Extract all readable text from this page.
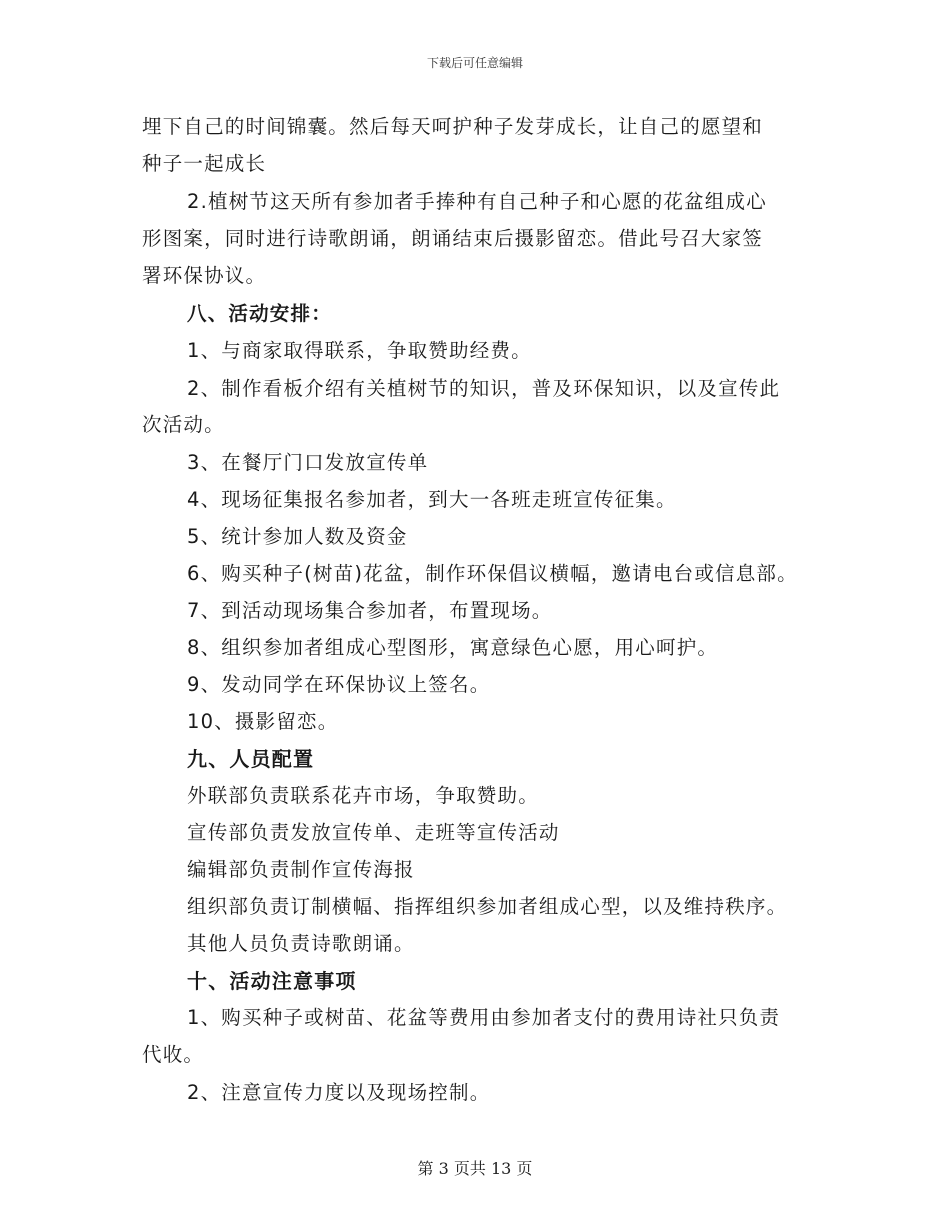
下载后可任意编辑
埋下自己的时间锦囊。然后每天呵护种子发芽成长，让自己的愿望和
种子一起成长
2.植树节这天所有参加者手捧种有自己种子和心愿的花盆组成心
形图案，同时进行诗歌朗诵，朗诵结束后摄影留恋。借此号召大家签
署环保协议。
八、活动安排：
1、与商家取得联系，争取赞助经费。
2、制作看板介绍有关植树节的知识，普及环保知识，以及宣传此
次活动。
3、在餐厅门口发放宣传单
4、现场征集报名参加者，到大一各班走班宣传征集。
5、统计参加人数及资金
6、购买种子(树苗)花盆，制作环保倡议横幅，邀请电台或信息部。
7、到活动现场集合参加者，布置现场。
8、组织参加者组成心型图形，寓意绿色心愿，用心呵护。
9、发动同学在环保协议上签名。
10、摄影留恋。
九、人员配置
外联部负责联系花卉市场，争取赞助。
宣传部负责发放宣传单、走班等宣传活动
编辑部负责制作宣传海报
组织部负责订制横幅、指挥组织参加者组成心型，以及维持秩序。
其他人员负责诗歌朗诵。
十、活动注意事项
1、购买种子或树苗、花盆等费用由参加者支付的费用诗社只负责
代收。
2、注意宣传力度以及现场控制。
第 3 页共 13 页
